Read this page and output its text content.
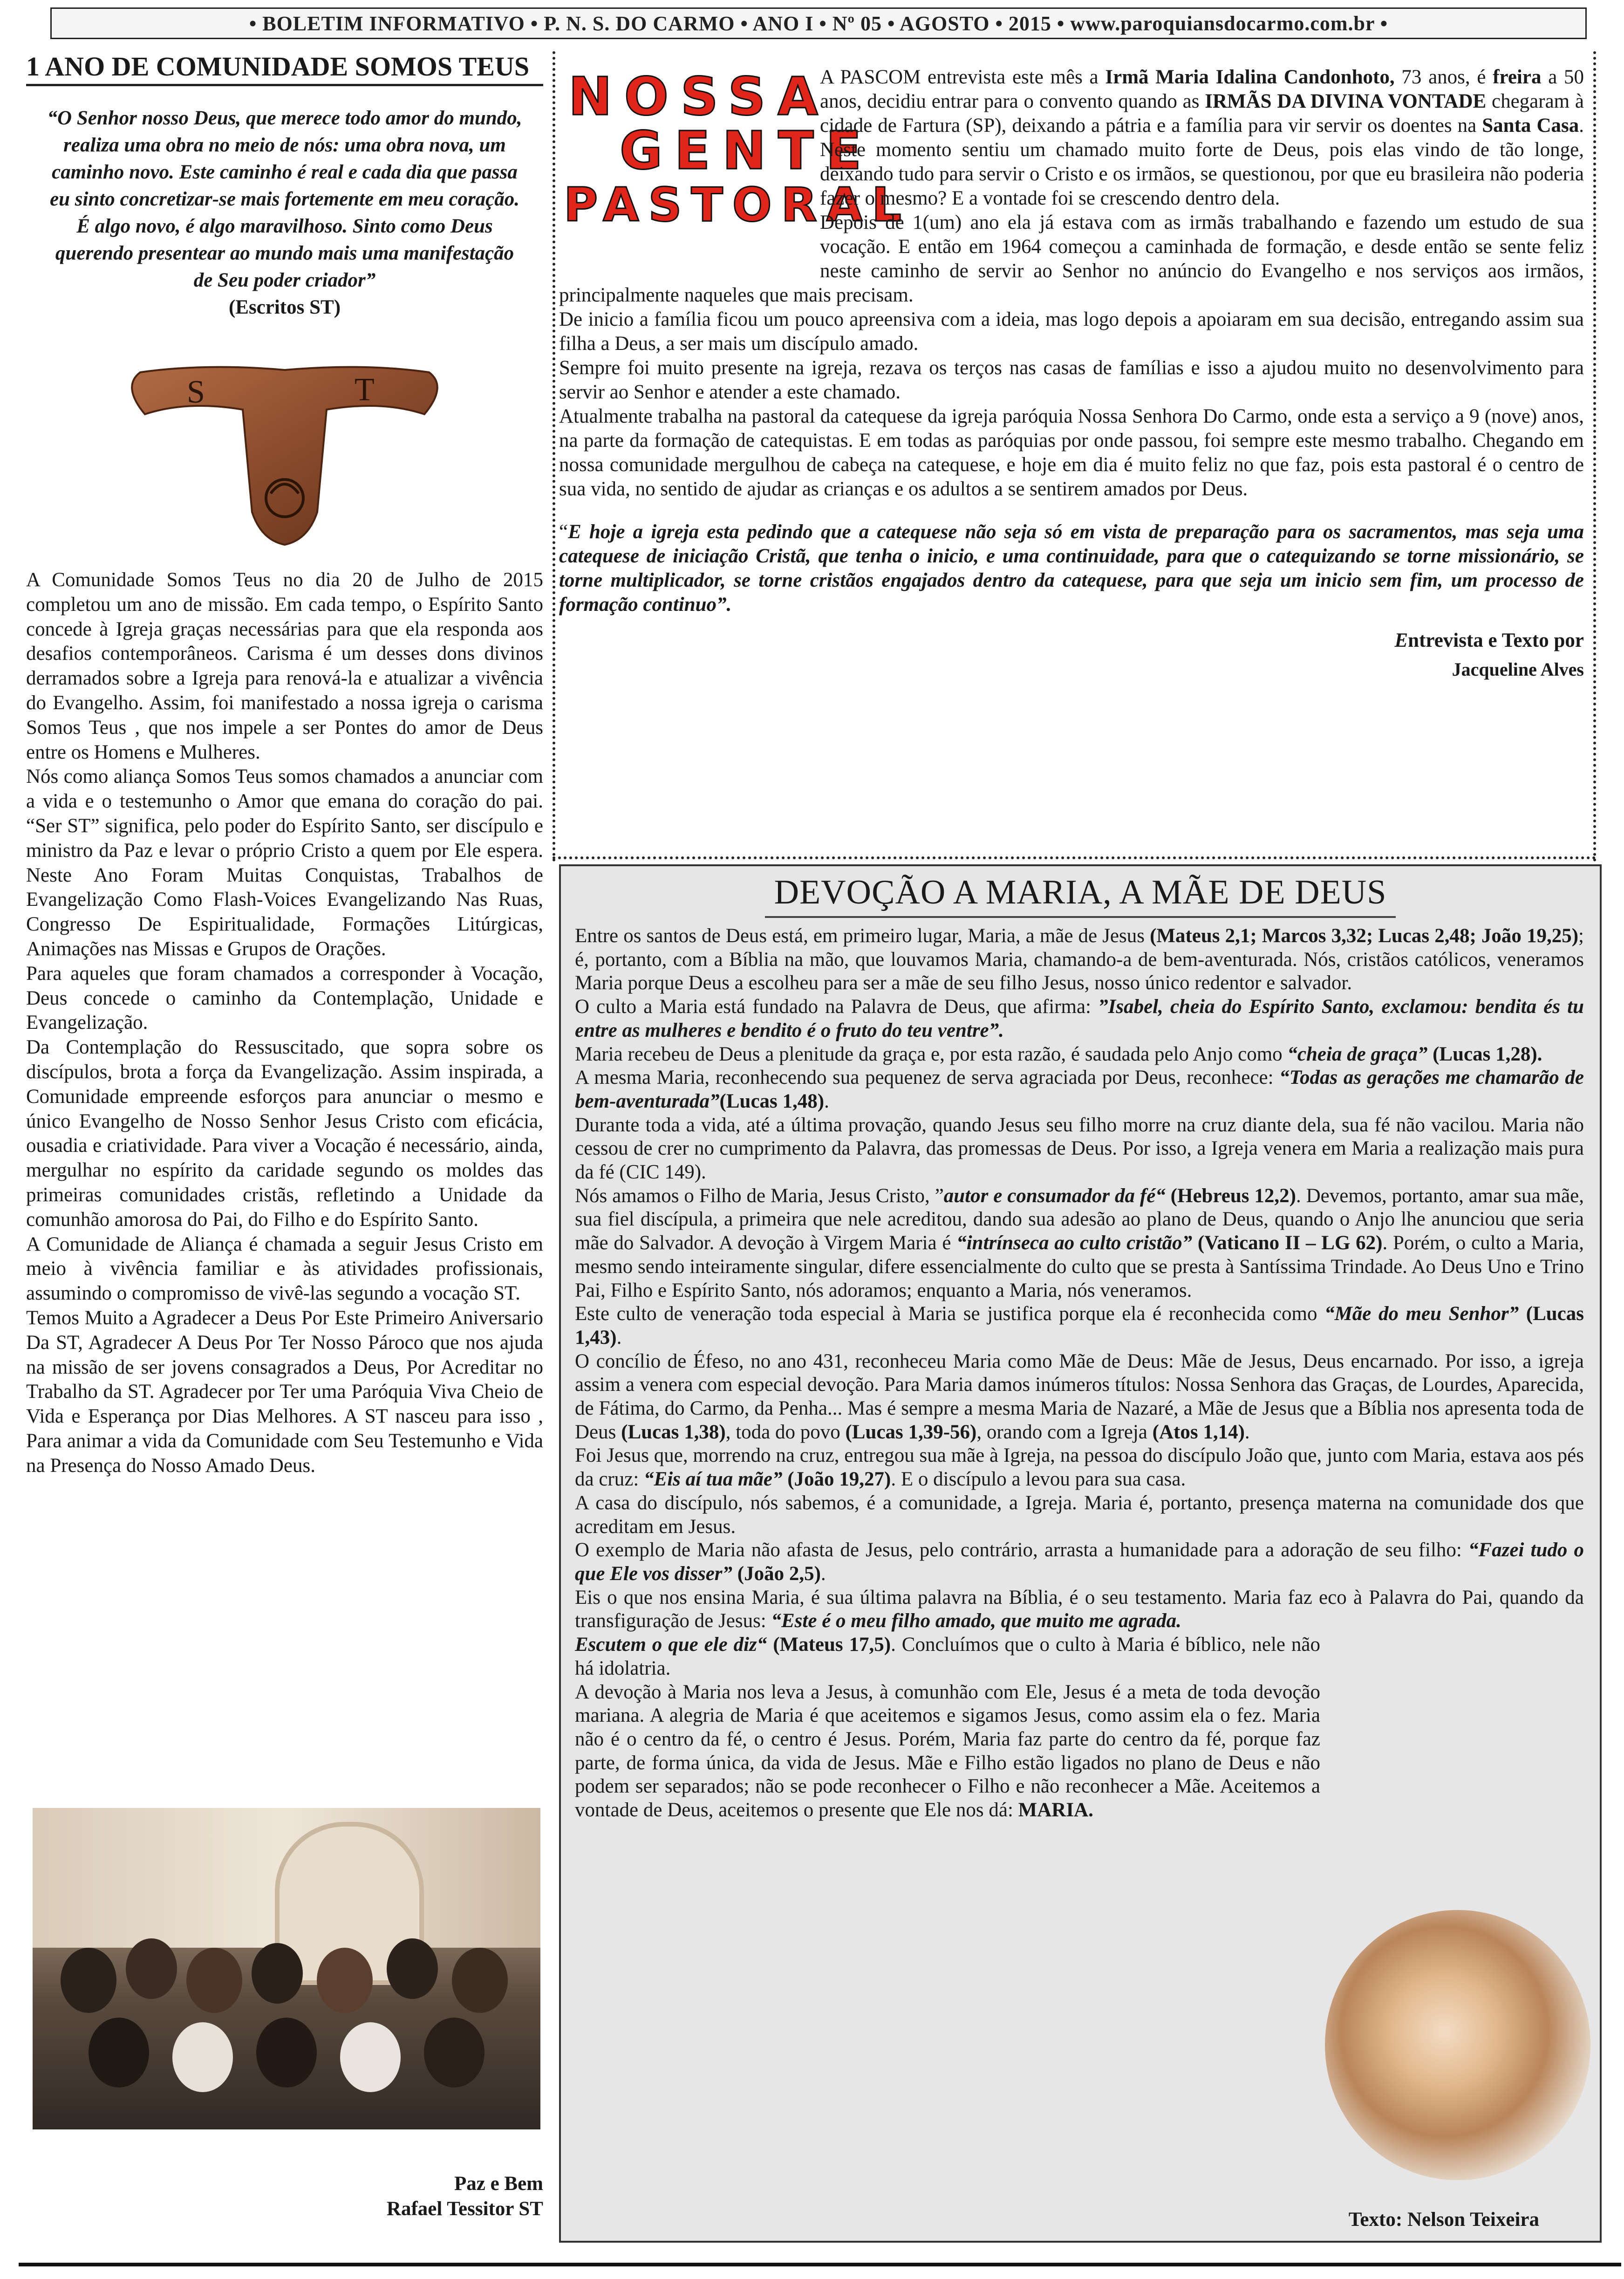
• BOLETIM INFORMATIVO • P. N. S. DO CARMO • ANO I • Nº 05 • AGOSTO • 2015 • www.paroquiansdocarmo.com.br •
1 ANO DE COMUNIDADE SOMOS TEUS
“O Senhor nosso Deus, que merece todo amor do mundo, realiza uma obra no meio de nós: uma obra nova, um caminho novo. Este caminho é real e cada dia que passa eu sinto concretizar-se mais fortemente em meu coração. É algo novo, é algo maravilhoso. Sinto como Deus querendo presentear ao mundo mais uma manifestação de Seu poder criador”
(Escritos ST)
S	T

A Comunidade Somos Teus no dia 20 de Julho de 2015 completou um ano de missão. Em cada tempo, o Espírito Santo concede à Igreja graças necessárias para que ela responda aos desafios contemporâneos. Carisma é um desses dons divinos derramados sobre a Igreja para renová-la e atualizar a vivência do Evangelho. Assim, foi manifestado a nossa igreja o carisma Somos Teus , que nos impele a ser Pontes do amor de Deus entre os Homens e Mulheres.

Nós como aliança Somos Teus somos chamados a anunciar com a vida e o testemunho o Amor que emana do coração do pai. “Ser ST” significa, pelo poder do Espírito Santo, ser discípulo e ministro da Paz e levar o próprio Cristo a quem por Ele espera. Neste Ano Foram Muitas Conquistas, Trabalhos de Evangelização Como Flash-Voices Evangelizando Nas Ruas, Congresso De Espiritualidade, Formações Litúrgicas, Animações nas Missas e Grupos de Orações.

Para aqueles que foram chamados a corresponder à Vocação, Deus concede o caminho da Contemplação, Unidade e Evangelização.

Da Contemplação do Ressuscitado, que sopra sobre os discípulos, brota a força da Evangelização. Assim inspirada, a Comunidade empreende esforços para anunciar o mesmo e único Evangelho de Nosso Senhor Jesus Cristo com eficácia, ousadia e criatividade. Para viver a Vocação é necessário, ainda, mergulhar no espírito da caridade segundo os moldes das primeiras comunidades cristãs, refletindo a Unidade da comunhão amorosa do Pai, do Filho e do Espírito Santo.

A Comunidade de Aliança é chamada a seguir Jesus Cristo em meio à vivência familiar e às atividades profissionais, assumindo o compromisso de vivê-las segundo a vocação ST.

Temos Muito a Agradecer a Deus Por Este Primeiro Aniversario Da ST, Agradecer A Deus Por Ter Nosso Pároco que nos ajuda na missão de ser jovens consagrados a Deus, Por Acreditar no Trabalho da ST. Agradecer por Ter uma Paróquia Viva Cheio de Vida e Esperança por Dias Melhores. A ST nasceu para isso , Para animar a vida da Comunidade com Seu Testemunho e Vida na Presença do Nosso Amado Deus.

Paz e Bem
Rafael Tessitor ST
NOSSA
GENTE
PASTORAL

A PASCOM entrevista este mês a Irmã Maria Idalina Candonhoto, 73 anos, é freira a 50 anos, decidiu entrar para o convento quando as IRMÃS DA DIVINA VONTADE chegaram à cidade de Fartura (SP), deixando a pátria e a família para vir servir os doentes na Santa Casa. Neste momento sentiu um chamado muito forte de Deus, pois elas vindo de tão longe, deixando tudo para servir o Cristo e os irmãos, se questionou, por que eu brasileira não poderia fazer o mesmo? E a vontade foi se crescendo dentro dela.

Depois de 1(um) ano ela já estava com as irmãs trabalhando e fazendo um estudo de sua vocação. E então em 1964 começou a caminhada de formação, e desde então se sente feliz neste caminho de servir ao Senhor no anúncio do Evangelho e nos serviços aos irmãos, principalmente naqueles que mais precisam.

De inicio a família ficou um pouco apreensiva com a ideia, mas logo depois a apoiaram em sua decisão, entregando assim sua filha a Deus, a ser mais um discípulo amado.

Sempre foi muito presente na igreja, rezava os terços nas casas de famílias e isso a ajudou muito no desenvolvimento para servir ao Senhor e atender a este chamado.

Atualmente trabalha na pastoral da catequese da igreja paróquia Nossa Senhora Do Carmo, onde esta a serviço a 9 (nove) anos, na parte da formação de catequistas. E em todas as paróquias por onde passou, foi sempre este mesmo trabalho. Chegando em nossa comunidade mergulhou de cabeça na catequese, e hoje em dia é muito feliz no que faz, pois esta pastoral é o centro de sua vida, no sentido de ajudar as crianças e os adultos a se sentirem amados por Deus.

“E hoje a igreja esta pedindo que a catequese não seja só em vista de preparação para os sacramentos, mas seja uma catequese de iniciação Cristã, que tenha o inicio, e uma continuidade, para que o catequizando se torne missionário, se torne multiplicador, se torne cristãos engajados dentro da catequese, para que seja um inicio sem fim, um processo de formação continuo”.

Entrevista e Texto por
Jacqueline Alves
DEVOÇÃO A MARIA, A MÃE DE DEUS

Entre os santos de Deus está, em primeiro lugar, Maria, a mãe de Jesus (Mateus 2,1; Marcos 3,32; Lucas 2,48; João 19,25); é, portanto, com a Bíblia na mão, que louvamos Maria, chamando-a de bem-aventurada. Nós, cristãos católicos, veneramos Maria porque Deus a escolheu para ser a mãe de seu filho Jesus, nosso único redentor e salvador.

O culto a Maria está fundado na Palavra de Deus, que afirma: ”Isabel, cheia do Espírito Santo, exclamou: bendita és tu entre as mulheres e bendito é o fruto do teu ventre”.

Maria recebeu de Deus a plenitude da graça e, por esta razão, é saudada pelo Anjo como “cheia de graça” (Lucas 1,28).

A mesma Maria, reconhecendo sua pequenez de serva agraciada por Deus, reconhece: “Todas as gerações me chamarão de bem-aventurada”(Lucas 1,48).

Durante toda a vida, até a última provação, quando Jesus seu filho morre na cruz diante dela, sua fé não vacilou. Maria não cessou de crer no cumprimento da Palavra, das promessas de Deus. Por isso, a Igreja venera em Maria a realização mais pura da fé (CIC 149).

Nós amamos o Filho de Maria, Jesus Cristo, ”autor e consumador da fé“ (Hebreus 12,2). Devemos, portanto, amar sua mãe, sua fiel discípula, a primeira que nele acreditou, dando sua adesão ao plano de Deus, quando o Anjo lhe anunciou que seria mãe do Salvador. A devoção à Virgem Maria é “intrínseca ao culto cristão” (Vaticano II – LG 62). Porém, o culto a Maria, mesmo sendo inteiramente singular, difere essencialmente do culto que se presta à Santíssima Trindade. Ao Deus Uno e Trino Pai, Filho e Espírito Santo, nós adoramos; enquanto a Maria, nós veneramos.

Este culto de veneração toda especial à Maria se justifica porque ela é reconhecida como “Mãe do meu Senhor” (Lucas 1,43).

O concílio de Éfeso, no ano 431, reconheceu Maria como Mãe de Deus: Mãe de Jesus, Deus encarnado. Por isso, a igreja assim a venera com especial devoção. Para Maria damos inúmeros títulos: Nossa Senhora das Graças, de Lourdes, Aparecida, de Fátima, do Carmo, da Penha... Mas é sempre a mesma Maria de Nazaré, a Mãe de Jesus que a Bíblia nos apresenta toda de Deus (Lucas 1,38), toda do povo (Lucas 1,39-56), orando com a Igreja (Atos 1,14).

Foi Jesus que, morrendo na cruz, entregou sua mãe à Igreja, na pessoa do discípulo João que, junto com Maria, estava aos pés da cruz: “Eis aí tua mãe” (João 19,27). E o discípulo a levou para sua casa.

A casa do discípulo, nós sabemos, é a comunidade, a Igreja. Maria é, portanto, presença materna na comunidade dos que acreditam em Jesus.

O exemplo de Maria não afasta de Jesus, pelo contrário, arrasta a humanidade para a adoração de seu filho: “Fazei tudo o que Ele vos disser” (João 2,5).

Eis o que nos ensina Maria, é sua última palavra na Bíblia, é o seu testamento. Maria faz eco à Palavra do Pai, quando da transfiguração de Jesus: “Este é o meu filho amado, que muito me agrada.

Escutem o que ele diz“ (Mateus 17,5). Concluímos que o culto à Maria é bíblico, nele não há idolatria.

A devoção à Maria nos leva a Jesus, à comunhão com Ele, Jesus é a meta de toda devoção mariana. A alegria de Maria é que aceitemos e sigamos Jesus, como assim ela o fez. Maria não é o centro da fé, o centro é Jesus. Porém, Maria faz parte do centro da fé, porque faz parte, de forma única, da vida de Jesus. Mãe e Filho estão ligados no plano de Deus e não podem ser separados; não se pode reconhecer o Filho e não reconhecer a Mãe. Aceitemos a vontade de Deus, aceitemos o presente que Ele nos dá: MARIA.

Texto: Nelson Teixeira
